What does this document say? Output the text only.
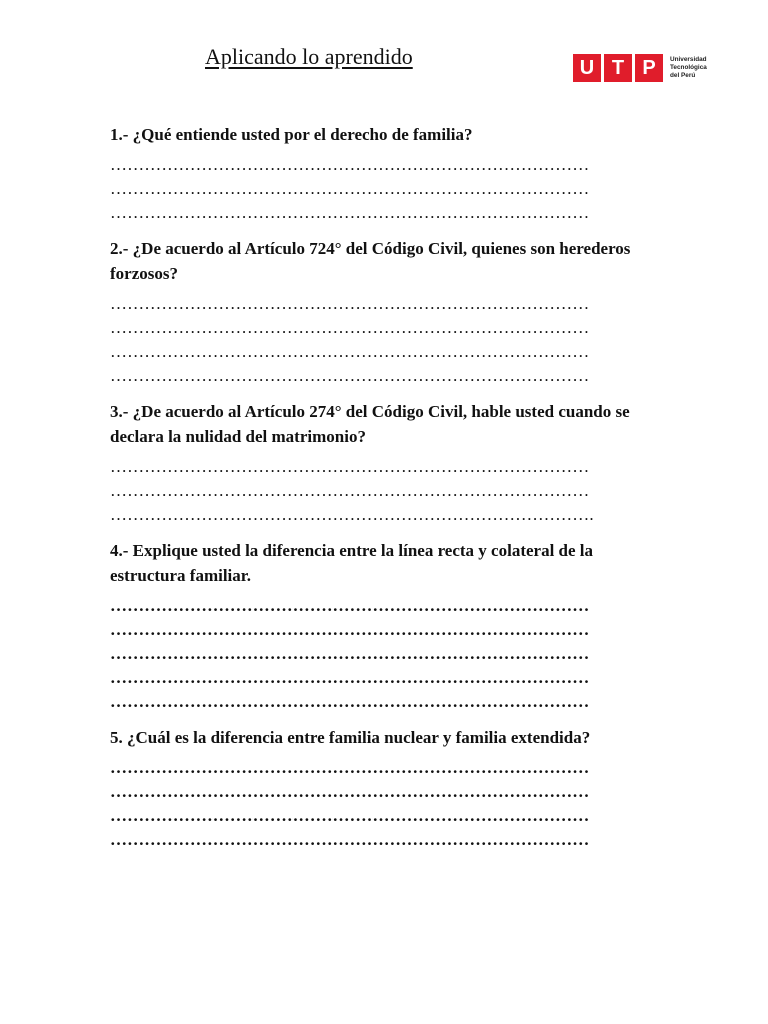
Aplicando lo aprendido	U T P	Universidad
Tecnológica
del Perú
1.- ¿Qué entiende usted por el derecho de familia?
…………………………………………………………………………
…………………………………………………………………………
…………………………………………………………………………
2.- ¿De acuerdo al Artículo 724° del Código Civil, quienes son herederos forzosos?
…………………………………………………………………………
…………………………………………………………………………
…………………………………………………………………………
…………………………………………………………………………
3.- ¿De acuerdo al Artículo 274° del Código Civil, hable usted cuando se declara la nulidad del matrimonio?
…………………………………………………………………………
…………………………………………………………………………
………………………………………………………………………….
4.- Explique usted la diferencia entre la línea recta y colateral de la estructura familiar.
…………………………………………………………………………
…………………………………………………………………………
…………………………………………………………………………
…………………………………………………………………………
…………………………………………………………………………
5. ¿Cuál es la diferencia entre familia nuclear y familia extendida?
…………………………………………………………………………
…………………………………………………………………………
…………………………………………………………………………
…………………………………………………………………………
